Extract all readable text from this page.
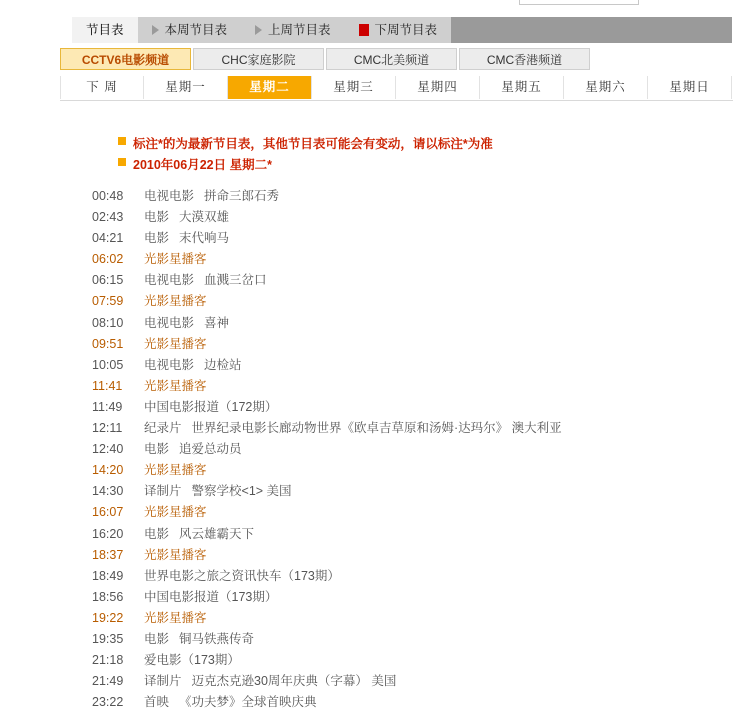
节目表	本周节目表	上周节目表	下周节目表
CCTV6电影频道	CHC家庭影院	CMC北美频道	CMC香港频道
下 周	星期一	星期二	星期三	星期四	星期五	星期六	星期日
标注*的为最新节目表，其他节目表可能会有变动，请以标注*为准
2010年06月22日 星期二*
00:48 电视电影 拼命三郎石秀
02:43 电影 大漠双雄
04:21 电影 末代响马
06:02 光影星播客
06:15 电视电影 血溅三岔口
07:59 光影星播客
08:10 电视电影 喜神
09:51 光影星播客
10:05 电视电影 边检站
11:41 光影星播客
11:49 中国电影报道（172期）
12:11 纪录片 世界纪录电影长廊动物世界《欧卓吉草原和汤姆·达玛尔》 澳大利亚
12:40 电影 追爱总动员
14:20 光影星播客
14:30 译制片 警察学校<1> 美国
16:07 光影星播客
16:20 电影 风云雄霸天下
18:37 光影星播客
18:49 世界电影之旅之资讯快车（173期）
18:56 中国电影报道（173期）
19:22 光影星播客
19:35 电影 铜马铁燕传奇
21:18 爱电影（173期）
21:49 译制片 迈克杰克逊30周年庆典（字幕） 美国
23:22 首映 《功夫梦》全球首映庆典
